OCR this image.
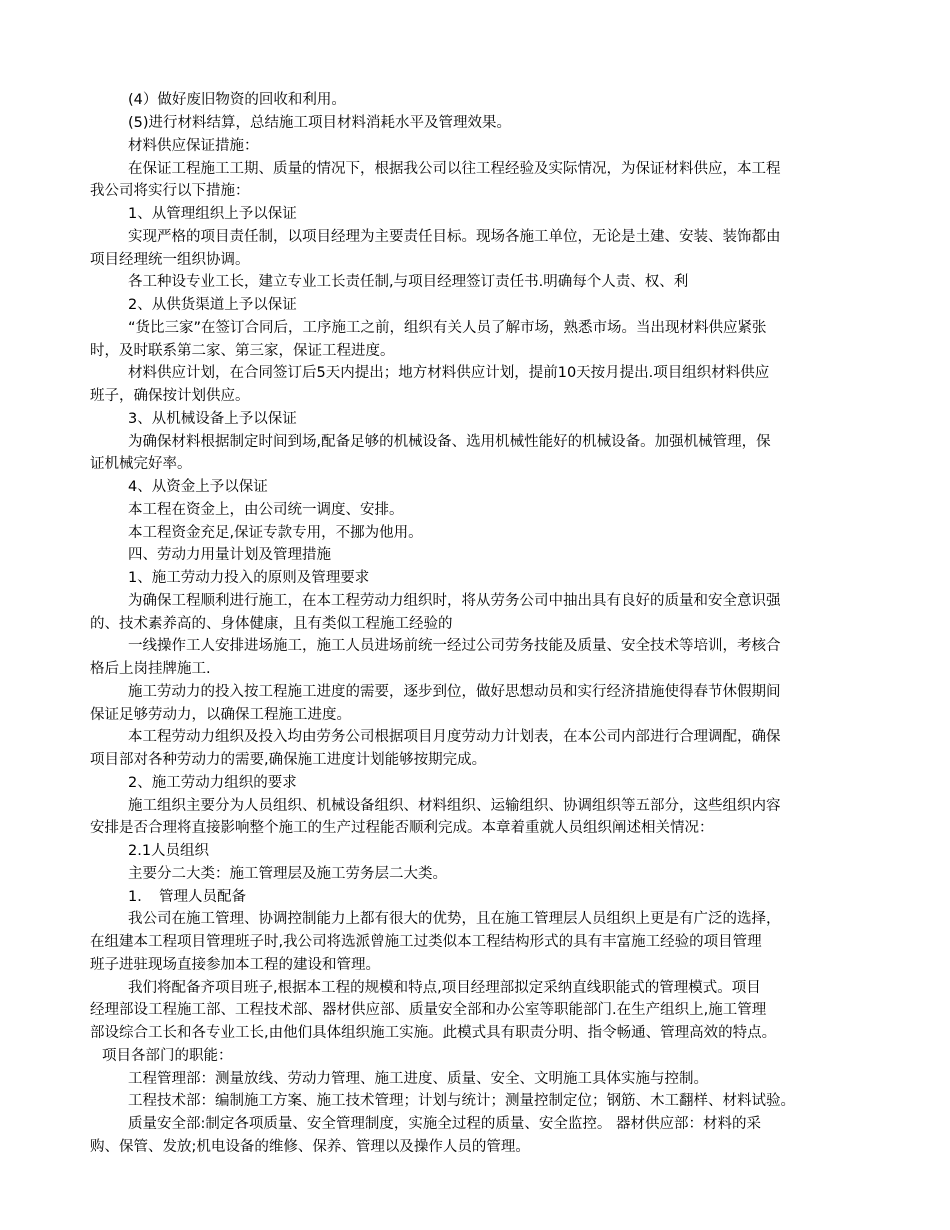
(4）做好废旧物资的回收和利用。
(5)进行材料结算，总结施工项目材料消耗水平及管理效果。
材料供应保证措施：
在保证工程施工工期、质量的情况下，根据我公司以往工程经验及实际情况，为保证材料供应，本工程
我公司将实行以下措施：
1、从管理组织上予以保证
实现严格的项目责任制，以项目经理为主要责任目标。现场各施工单位，无论是土建、安装、装饰都由
项目经理统一组织协调。
各工种设专业工长，建立专业工长责任制,与项目经理签订责任书.明确每个人责、权、利
2、从供货渠道上予以保证
“货比三家”在签订合同后，工序施工之前，组织有关人员了解市场，熟悉市场。当出现材料供应紧张
时，及时联系第二家、第三家，保证工程进度。
材料供应计划，在合同签订后5天内提出；地方材料供应计划，提前10天按月提出.项目组织材料供应
班子，确保按计划供应。
3、从机械设备上予以保证
为确保材料根据制定时间到场,配备足够的机械设备、选用机械性能好的机械设备。加强机械管理，保
证机械完好率。
4、从资金上予以保证
本工程在资金上，由公司统一调度、安排。
本工程资金充足,保证专款专用，不挪为他用。
四、劳动力用量计划及管理措施
1、施工劳动力投入的原则及管理要求
为确保工程顺利进行施工，在本工程劳动力组织时，将从劳务公司中抽出具有良好的质量和安全意识强
的、技术素养高的、身体健康，且有类似工程施工经验的
一线操作工人安排进场施工，施工人员进场前统一经过公司劳务技能及质量、安全技术等培训，考核合
格后上岗挂牌施工.
施工劳动力的投入按工程施工进度的需要，逐步到位，做好思想动员和实行经济措施使得春节休假期间
保证足够劳动力，以确保工程施工进度。
本工程劳动力组织及投入均由劳务公司根据项目月度劳动力计划表，在本公司内部进行合理调配，确保
项目部对各种劳动力的需要,确保施工进度计划能够按期完成。
2、施工劳动力组织的要求
施工组织主要分为人员组织、机械设备组织、材料组织、运输组织、协调组织等五部分，这些组织内容
安排是否合理将直接影响整个施工的生产过程能否顺利完成。本章着重就人员组织阐述相关情况：
2.1人员组织
主要分二大类：施工管理层及施工劳务层二大类。
1．　管理人员配备
我公司在施工管理、协调控制能力上都有很大的优势，且在施工管理层人员组织上更是有广泛的选择，
在组建本工程项目管理班子时,我公司将选派曾施工过类似本工程结构形式的具有丰富施工经验的项目管理
班子进驻现场直接参加本工程的建设和管理。
我们将配备齐项目班子,根据本工程的规模和特点,项目经理部拟定采纳直线职能式的管理模式。项目
经理部设工程施工部、工程技术部、器材供应部、质量安全部和办公室等职能部门.在生产组织上,施工管理
部设综合工长和各专业工长,由他们具体组织施工实施。此模式具有职责分明、指令畅通、管理高效的特点。
项目各部门的职能：
工程管理部：测量放线、劳动力管理、施工进度、质量、安全、文明施工具体实施与控制。
工程技术部：编制施工方案、施工技术管理；计划与统计；测量控制定位；钢筋、木工翻样、材料试验。
质量安全部:制定各项质量、安全管理制度，实施全过程的质量、安全监控。 器材供应部：材料的采
购、保管、发放;机电设备的维修、保养、管理以及操作人员的管理。
